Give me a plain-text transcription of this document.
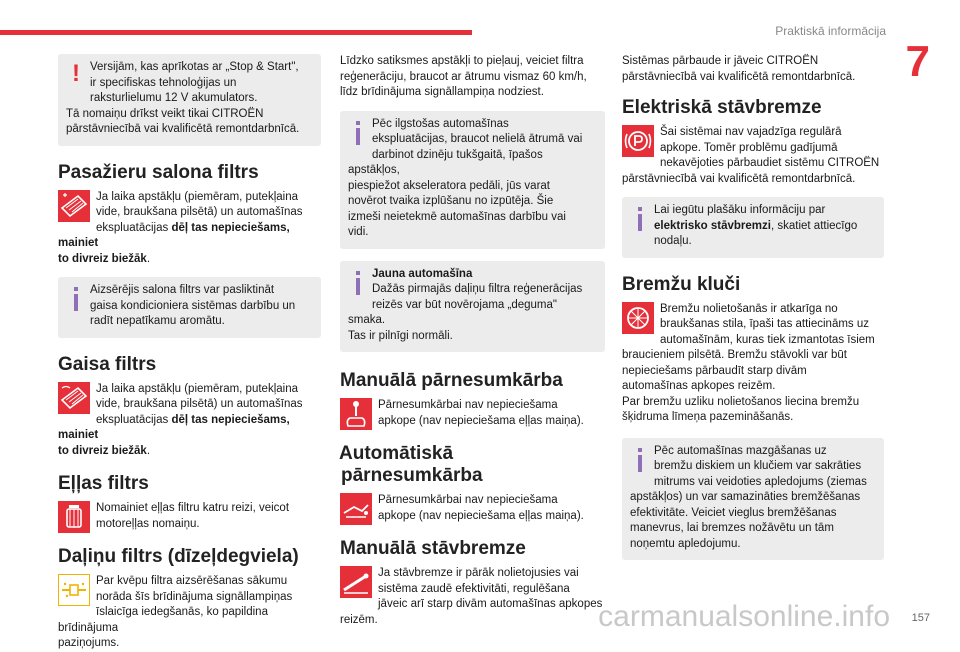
Praktiskā informācija
7
! Versijām, kas aprīkotas ar „Stop & Start",
ir specifiskas tehnoloģijas un
raksturlielumu 12 V akumulators.
Tā nomaiņu drīkst veikt tikai CITROËN
pārstāvniecībā vai kvalificētā remontdarbnīcā.
Pasažieru salona filtrs
Ja laika apstākļu (piemēram, putekļaina
vide, braukšana pilsētā) un automašīnas
ekspluatācijas dēļ tas nepieciešams, mainiet
to divreiz biežāk.
Aizsērējis salona filtrs var pasliktināt
gaisa kondicioniera sistēmas darbību un
radīt nepatīkamu aromātu.
Gaisa filtrs
Ja laika apstākļu (piemēram, putekļaina
vide, braukšana pilsētā) un automašīnas
ekspluatācijas dēļ tas nepieciešams, mainiet
to divreiz biežāk.
Eļļas filtrs
Nomainiet eļļas filtru katru reizi, veicot
motoreļļas nomaiņu.
Daļiņu filtrs (dīzeļdegviela)
Par kvēpu filtra aizsērēšanas sākumu
norāda šīs brīdinājuma signāllampiņas
īslaicīga iedegšanās, ko papildina brīdinājuma
paziņojums.
Līdzko satiksmes apstākļi to pieļauj, veiciet filtra
reģenerāciju, braucot ar ātrumu vismaz 60 km/h,
līdz brīdinājuma signāllampiņa nodziest.
Pēc ilgstošas automašīnas
ekspluatācijas, braucot nelielā ātrumā vai
darbinot dzinēju tukšgaitā, īpašos apstākļos,
piespiežot akseleratora pedāli, jūs varat
novērot tvaika izplūšanu no izpūtēja. Šie
izmeši neietekmē automašīnas darbību vai
vidi.
Jauna automašīna
Dažās pirmajās daļiņu filtra reģenerācijas
reizēs var būt novērojama „deguma" smaka.
Tas ir pilnīgi normāli.
Manuālā pārnesumkārba
Pārnesumkārbai nav nepieciešama
apkope (nav nepieciešama eļļas maiņa).
Automātiskā
pārnesumkārba
Pārnesumkārbai nav nepieciešama
apkope (nav nepieciešama eļļas maiņa).
Manuālā stāvbremze
Ja stāvbremze ir pārāk nolietojusies vai
sistēma zaudē efektivitāti, regulēšana
jāveic arī starp divām automašīnas apkopes
reizēm.
Sistēmas pārbaude ir jāveic CITROËN
pārstāvniecībā vai kvalificētā remontdarbnīcā.
Elektriskā stāvbremze
Šai sistēmai nav vajadzīga regulārā
apkope. Tomēr problēmu gadījumā
nekavējoties pārbaudiet sistēmu CITROËN
pārstāvniecībā vai kvalificētā remontdarbnīcā.
Lai iegūtu plašāku informāciju par
elektrisko stāvbremzi, skatiet attiecīgo
nodaļu.
Bremžu kluči
Bremžu nolietošanās ir atkarīga no
braukšanas stila, īpaši tas attiecināms uz
automašīnām, kuras tiek izmantotas īsiem
braucieniem pilsētā. Bremžu stāvokli var būt
nepieciešams pārbaudīt starp divām
automašīnas apkopes reizēm.
Par bremžu uzliku nolietošanos liecina bremžu
šķidruma līmeņa pazemināšanās.
Pēc automašīnas mazgāšanas uz
bremžu diskiem un klučiem var sakrāties
mitrums vai veidoties apledojums (ziemas
apstākļos) un var samazināties bremžēšanas
efektivitāte. Veiciet vieglus bremžēšanas
manevrus, lai bremzes nožāvētu un tām
noņemtu apledojumu.
carmanualsonline.info 157
